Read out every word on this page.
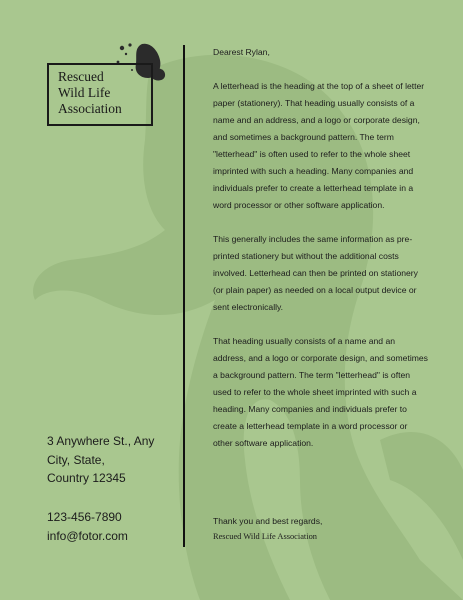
Rescued
Wild Life
Association
3 Anywhere St., Any
City, State,
Country 12345
123-456-7890
info@fotor.com
Dearest Rylan,

A letterhead is the heading at the top of a sheet of letter paper (stationery). That heading usually consists of a name and an address, and a logo or corporate design, and sometimes a background pattern. The term "letterhead" is often used to refer to the whole sheet imprinted with such a heading. Many companies and individuals prefer to create a letterhead template in a word processor or other software application.

This generally includes the same information as pre-printed stationery but without the additional costs involved. Letterhead can then be printed on stationery (or plain paper) as needed on a local output device or sent electronically.

That heading usually consists of a name and an address, and a logo or corporate design, and sometimes a background pattern. The term "letterhead" is often used to refer to the whole sheet imprinted with such a heading. Many companies and individuals prefer to create a letterhead template in a word processor or other software application.

Thank you and best regards,
Rescued Wild Life Association
